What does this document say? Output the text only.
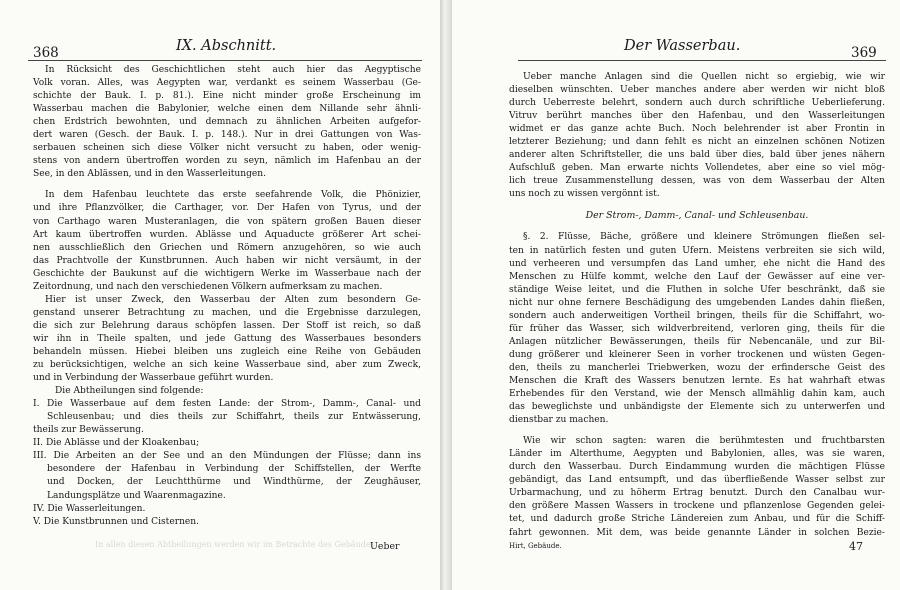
368	IX. Abschnitt.
In Rücksicht des Geschichtlichen steht auch hier das Aegyptische
Volk voran. Alles, was Aegypten war, verdankt es seinem Wasserbau (Ge-
schichte der Bauk. I. p. 81.). Eine nicht minder große Erscheinung im
Wasserbau machen die Babylonier, welche einen dem Nillande sehr ähnli-
chen Erdstrich bewohnten, und demnach zu ähnlichen Arbeiten aufgefor-
dert waren (Gesch. der Bauk. I. p. 148.). Nur in drei Gattungen von Was-
serbauen scheinen sich diese Völker nicht versucht zu haben, oder wenig-
stens von andern übertroffen worden zu seyn, nämlich im Hafenbau an der
See, in den Ablässen, und in den Wasserleitungen.
In dem Hafenbau leuchtete das erste seefahrende Volk, die Phönizier,
und ihre Pflanzvölker, die Carthager, vor. Der Hafen von Tyrus, und der
von Carthago waren Musteranlagen, die von spätern großen Bauen dieser
Art kaum übertroffen wurden. Ablässe und Aquaducte größerer Art schei-
nen ausschließlich den Griechen und Römern anzugehören, so wie auch
das Prachtvolle der Kunstbrunnen. Auch haben wir nicht versäumt, in der
Geschichte der Baukunst auf die wichtigern Werke im Wasserbaue nach der
Zeitordnung, und nach den verschiedenen Völkern aufmerksam zu machen.
Hier ist unser Zweck, den Wasserbau der Alten zum besondern Ge-
genstand unserer Betrachtung zu machen, und die Ergebnisse darzulegen,
die sich zur Belehrung daraus schöpfen lassen. Der Stoff ist reich, so daß
wir ihn in Theile spalten, und jede Gattung des Wasserbaues besonders
behandeln müssen. Hiebei bleiben uns zugleich eine Reihe von Gebäuden
zu berücksichtigen, welche an sich keine Wasserbaue sind, aber zum Zweck,
und in Verbindung der Wasserbaue geführt wurden.
Die Abtheilungen sind folgende:
I. Die Wasserbaue auf dem festen Lande: der Strom-, Damm-, Canal- und
Schleusenbau; und dies theils zur Schiffahrt, theils zur Entwässerung,
theils zur Bewässerung.
II. Die Ablässe und der Kloakenbau;
III. Die Arbeiten an der See und an den Mündungen der Flüsse; dann ins
besondere der Hafenbau in Verbindung der Schiffstellen, der Werfte
und Docken, der Leuchtthürme und Windthürme, der Zeughäuser,
Landungsplätze und Waarenmagazine.
IV. Die Wasserleitungen.
V. Die Kunstbrunnen und Cisternen.
In allen diesen Abtheilungen werden wir im Betrachte des Gebäudes
Ueber
Der Wasserbau.	369
Ueber manche Anlagen sind die Quellen nicht so ergiebig, wie wir
dieselben wünschten. Ueber manches andere aber werden wir nicht bloß
durch Ueberreste belehrt, sondern auch durch schriftliche Ueberlieferung.
Vitruv berührt manches über den Hafenbau, und den Wasserleitungen
widmet er das ganze achte Buch. Noch belehrender ist aber Frontin in
letzterer Beziehung; und dann fehlt es nicht an einzelnen schönen Notizen
anderer alten Schriftsteller, die uns bald über dies, bald über jenes nähern
Aufschluß geben. Man erwarte nichts Vollendetes, aber eine so viel mög-
lich treue Zusammenstellung dessen, was von dem Wasserbau der Alten
uns noch zu wissen vergönnt ist.
Der Strom-, Damm-, Canal- und Schleusenbau.
§. 2. Flüsse, Bäche, größere und kleinere Strömungen fließen sel-
ten in natürlich festen und guten Ufern. Meistens verbreiten sie sich wild,
und verheeren und versumpfen das Land umher, ehe nicht die Hand des
Menschen zu Hülfe kommt, welche den Lauf der Gewässer auf eine ver-
ständige Weise leitet, und die Fluthen in solche Ufer beschränkt, daß sie
nicht nur ohne fernere Beschädigung des umgebenden Landes dahin fließen,
sondern auch anderweitigen Vortheil bringen, theils für die Schiffahrt, wo-
für früher das Wasser, sich wildverbreitend, verloren ging, theils für die
Anlagen nützlicher Bewässerungen, theils für Nebencanäle, und zur Bil-
dung größerer und kleinerer Seen in vorher trockenen und wüsten Gegen-
den, theils zu mancherlei Triebwerken, wozu der erfindersche Geist des
Menschen die Kraft des Wassers benutzen lernte. Es hat wahrhaft etwas
Erhebendes für den Verstand, wie der Mensch allmählig dahin kam, auch
das beweglichste und unbändigste der Elemente sich zu unterwerfen und
dienstbar zu machen.
Wie wir schon sagten: waren die berühmtesten und fruchtbarsten
Länder im Alterthume, Aegypten und Babylonien, alles, was sie waren,
durch den Wasserbau. Durch Eindammung wurden die mächtigen Flüsse
gebändigt, das Land entsumpft, und das überfließende Wasser selbst zur
Urbarmachung, und zu höherm Ertrag benutzt. Durch den Canalbau wur-
den größere Massen Wassers in trockene und pflanzenlose Gegenden gelei-
tet, und dadurch große Striche Ländereien zum Anbau, und für die Schiff-
fahrt gewonnen. Mit dem, was beide genannte Länder in solchen Bezie-
Hirt, Gebäude.	47
